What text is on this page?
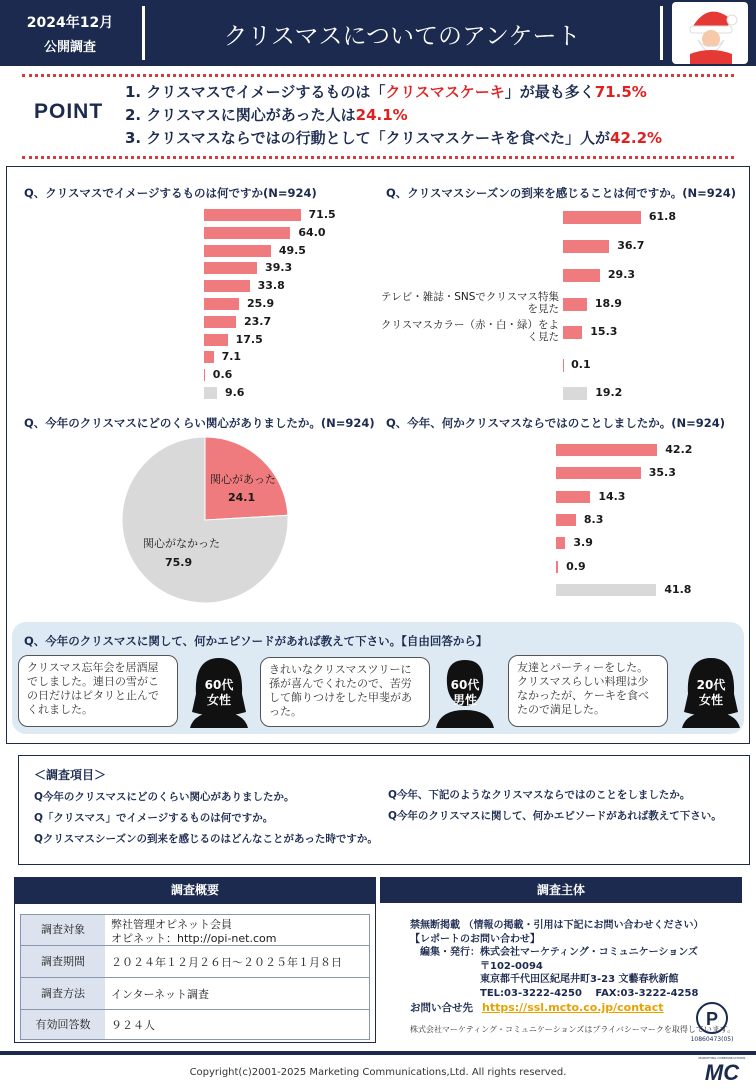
2024年12月
公開調査	クリスマスについてのアンケート
POINT
1. クリスマスでイメージするものは「クリスマスケーキ」が最も多く71.5%
2. クリスマスに関心があった人は24.1%
3. クリスマスならではの行動として「クリスマスケーキを食べた」人が42.2%
Q、クリスマスでイメージするものは何ですか(N=924)
71.5
64.0
49.5
39.3
33.8
25.9
23.7
17.5
7.1
0.6
9.6
Q、クリスマスシーズンの到来を感じることは何ですか。(N=924)
61.8
36.7
29.3
テレビ・雑誌・SNSでクリスマス特集を見た	18.9
クリスマスカラー（赤・白・緑）をよく見た	15.3
0.1
19.2
Q、今年のクリスマスにどのくらい関心がありましたか。(N=924)
関心があった
24.1
関心がなかった
75.9
Q、今年、何かクリスマスならではのことしましたか。(N=924)
42.2
35.3
14.3
8.3
3.9
0.9
41.8
Q、今年のクリスマスに関して、何かエピソードがあれば教えて下さい。【自由回答から】
クリスマス忘年会を居酒屋でしました。連日の雪がこの日だけはピタリと止んでくれました。
60代
女性
きれいなクリスマスツリーに孫が喜んでくれたので、苦労して飾りつけをした甲斐があった。
60代
男性
友達とパーティーをした。クリスマスらしい料理は少なかったが、ケーキを食べたので満足した。
20代
女性
＜調査項目＞
Q今年のクリスマスにどのくらい関心がありましたか。
Q「クリスマス」でイメージするものは何ですか。
Qクリスマスシーズンの到来を感じるのはどんなことがあった時ですか。
Q今年、下記のようなクリスマスならではのことをしましたか。
Q今年のクリスマスに関して、何かエピソードがあれば教えて下さい。
調査概要
調査対象	弊社管理オピネット会員
オピネット：http://opi-net.com
調査期間	２０２４年１２月２６日～２０２５年１月８日
調査方法	インターネット調査
有効回答数	９２４人
調査主体
禁無断掲載 （情報の掲載・引用は下記にお問い合わせください）
【レポートのお問い合わせ】
　編集・発行：株式会社マーケティング・コミュニケーションズ
　　　　　　　〒102-0094
　　　　　　　東京都千代田区紀尾井町3-23 文藝春秋新館
　　　　　　　TEL:03-3222-4250　 FAX:03-3222-4258
お問い合せ先 https://ssl.mcto.co.jp/contact
株式会社マーケティング・コミュニケーションズはプライバシーマークを取得しています。
P
10860473(05)
Copyright(c)2001-2025 Marketing Communications,Ltd. All rights reserved.
MARKETING COMMUNICATIONS
MC
